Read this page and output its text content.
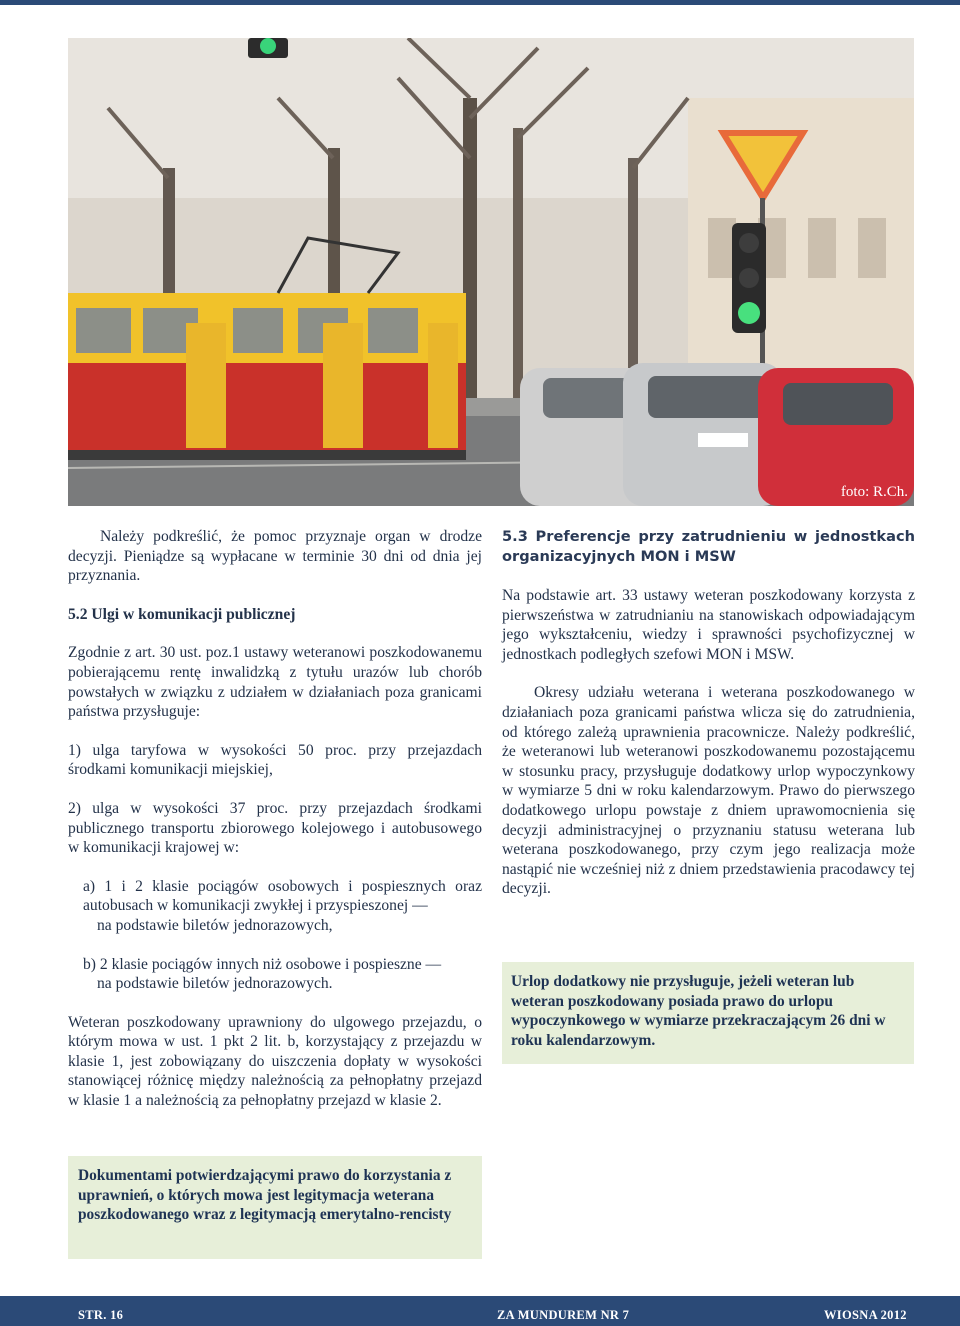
foto: R.Ch.

Należy podkreślić, że pomoc przyznaje organ w drodze decyzji. Pieniądze są wypłacane w terminie 30 dni od dnia jej przyznania.

5.2 Ulgi w komunikacji publicznej

Zgodnie z art. 30 ust. poz.1 ustawy weteranowi poszkodowanemu pobierającemu rentę inwalidzką z tytułu urazów lub chorób powstałych w związku z udziałem w działaniach poza granicami państwa przysługuje:

1) ulga taryfowa w wysokości 50 proc. przy przejazdach środkami komunikacji miejskiej,

2) ulga w wysokości 37 proc. przy przejazdach środkami publicznego transportu zbiorowego kolejowego i autobusowego w komunikacji krajowej w:

a) 1 i 2 klasie pociągów osobowych i pospiesznych oraz autobusach w komunikacji zwykłej i przyspieszonej —

na podstawie biletów jednorazowych,

b) 2 klasie pociągów innych niż osobowe i pospieszne —

na podstawie biletów jednorazowych.

Weteran poszkodowany uprawniony do ulgowego przejazdu, o którym mowa w ust. 1 pkt 2 lit. b, korzystający z przejazdu w klasie 1, jest zobowiązany do uiszczenia dopłaty w wysokości stanowiącej różnicę między należnością za pełnopłatny przejazd w klasie 1 a należnością za pełnopłatny przejazd w klasie 2.

5.3 Preferencje przy zatrudnieniu w jednostkach organizacyjnych MON i MSW

Na podstawie art. 33 ustawy weteran poszkodowany korzysta z pierwszeństwa w zatrudnianiu na stanowiskach odpowiadającym jego wykształceniu, wiedzy i sprawności psychofizycznej w jednostkach podległych szefowi MON i MSW.

Okresy udziału weterana i weterana poszkodowanego w działaniach poza granicami państwa wlicza się do zatrudnienia, od którego zależą uprawnienia pracownicze. Należy podkreślić, że weteranowi lub weteranowi poszkodowanemu pozostającemu w stosunku pracy, przysługuje dodatkowy urlop wypoczynkowy w wymiarze 5 dni w roku kalendarzowym. Prawo do pierwszego dodatkowego urlopu powstaje z dniem uprawomocnienia się decyzji administracyjnej o przyznaniu statusu weterana lub weterana poszkodowanego, przy czym jego realizacja może nastąpić nie wcześniej niż z dniem przedstawienia pracodawcy tej decyzji.

Urlop dodatkowy nie przysługuje, jeżeli weteran lub weteran poszkodowany posiada prawo do urlopu wypoczynkowego w wymiarze przekraczającym 26 dni w roku kalendarzowym.
Dokumentami potwierdzającymi prawo do korzystania z uprawnień, o których mowa jest legitymacja weterana poszkodowanego wraz z legitymacją emerytalno-rencisty
STR. 16	ZA MUNDUREM NR 7	WIOSNA 2012
